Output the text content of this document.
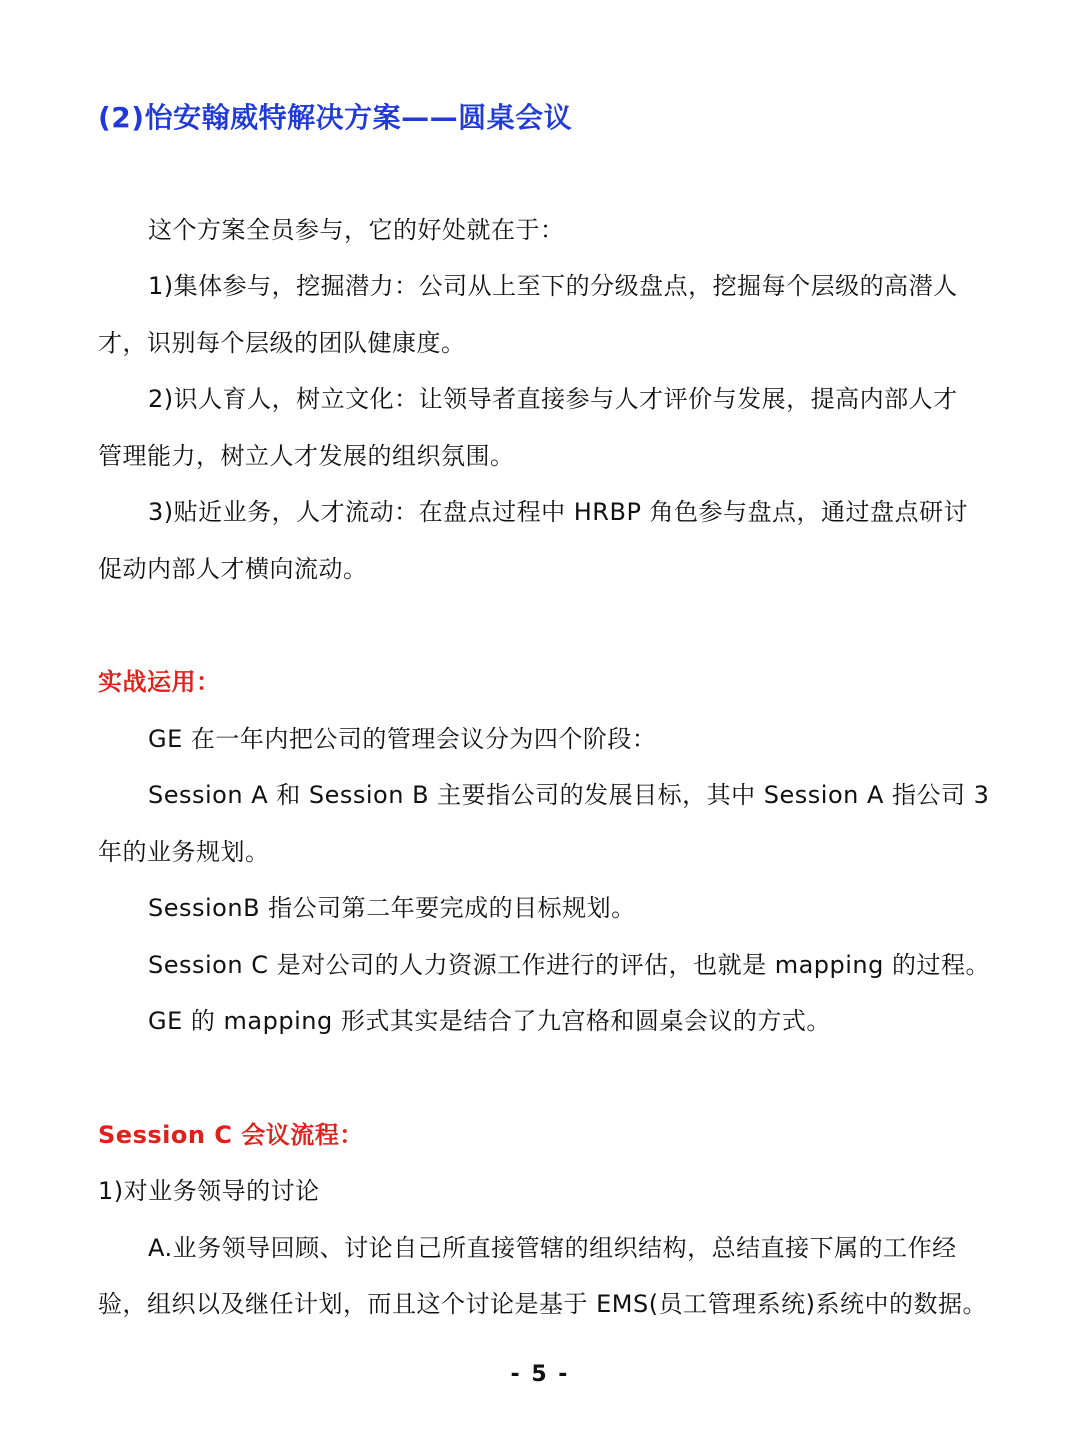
(2)怡安翰威特解决方案——圆桌会议
这个方案全员参与，它的好处就在于：
1)集体参与，挖掘潜力：公司从上至下的分级盘点，挖掘每个层级的高潜人
才，识别每个层级的团队健康度。
2)识人育人，树立文化：让领导者直接参与人才评价与发展，提高内部人才
管理能力，树立人才发展的组织氛围。
3)贴近业务，人才流动：在盘点过程中 HRBP 角色参与盘点，通过盘点研讨
促动内部人才横向流动。
实战运用：
GE 在一年内把公司的管理会议分为四个阶段：
Session A 和 Session B 主要指公司的发展目标，其中 Session A 指公司 3
年的业务规划。
SessionB 指公司第二年要完成的目标规划。
Session C 是对公司的人力资源工作进行的评估，也就是 mapping 的过程。
GE 的 mapping 形式其实是结合了九宫格和圆桌会议的方式。
Session C 会议流程：
1)对业务领导的讨论
A.业务领导回顾、讨论自己所直接管辖的组织结构，总结直接下属的工作经
验，组织以及继任计划，而且这个讨论是基于 EMS(员工管理系统)系统中的数据。
- 5 -
